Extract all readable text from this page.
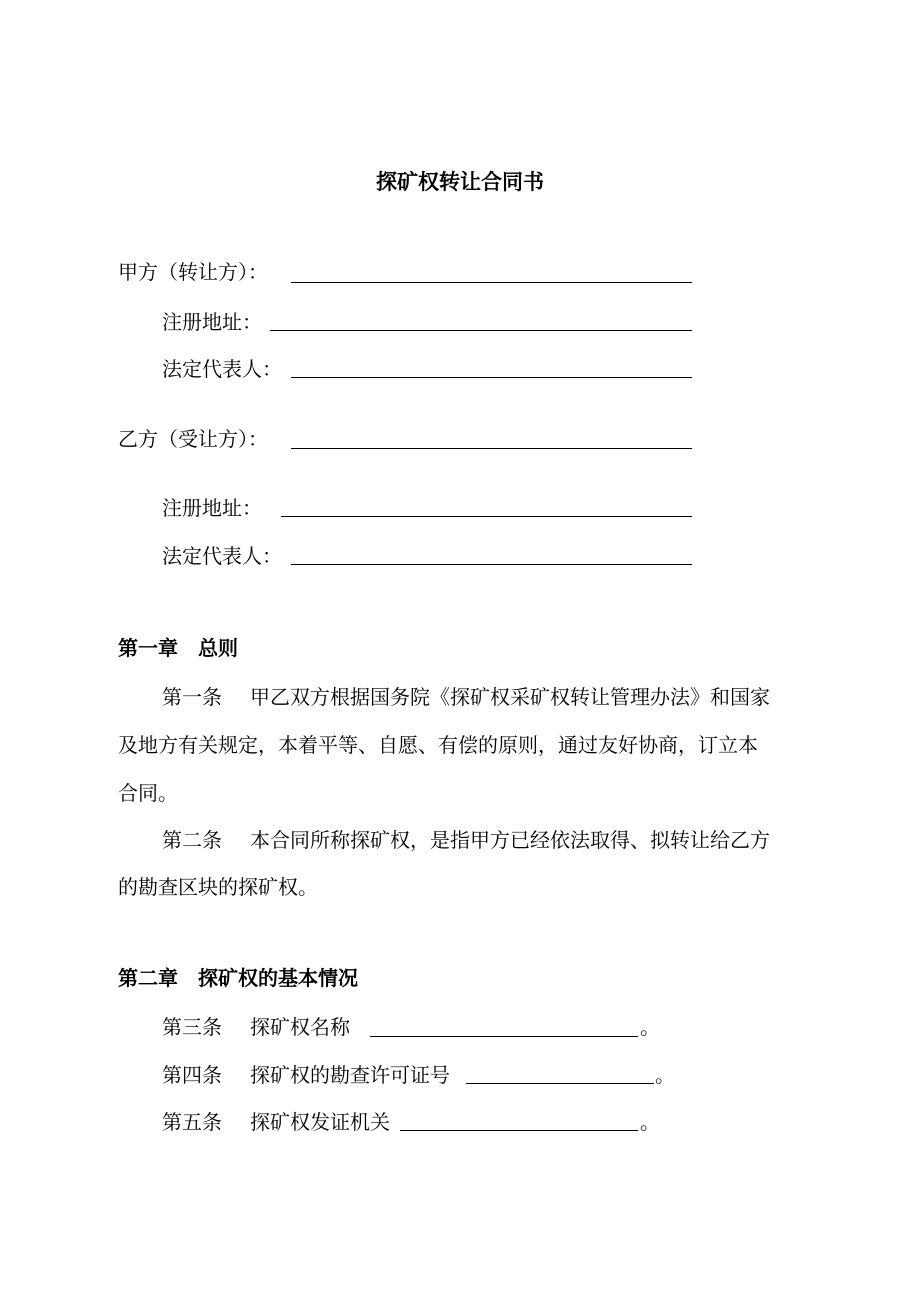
探矿权转让合同书
甲方（转让方）：
注册地址：
法定代表人：
乙方（受让方）：
注册地址：
法定代表人：
第一章　总则
第一条 甲乙双方根据国务院《探矿权采矿权转让管理办法》和国家
及地方有关规定，本着平等、自愿、有偿的原则，通过友好协商，订立本
合同。
第二条 本合同所称探矿权，是指甲方已经依法取得、拟转让给乙方
的勘查区块的探矿权。
第二章　探矿权的基本情况
第三条 探矿权名称	。
第四条 探矿权的勘查许可证号	。
第五条 探矿权发证机关	。
